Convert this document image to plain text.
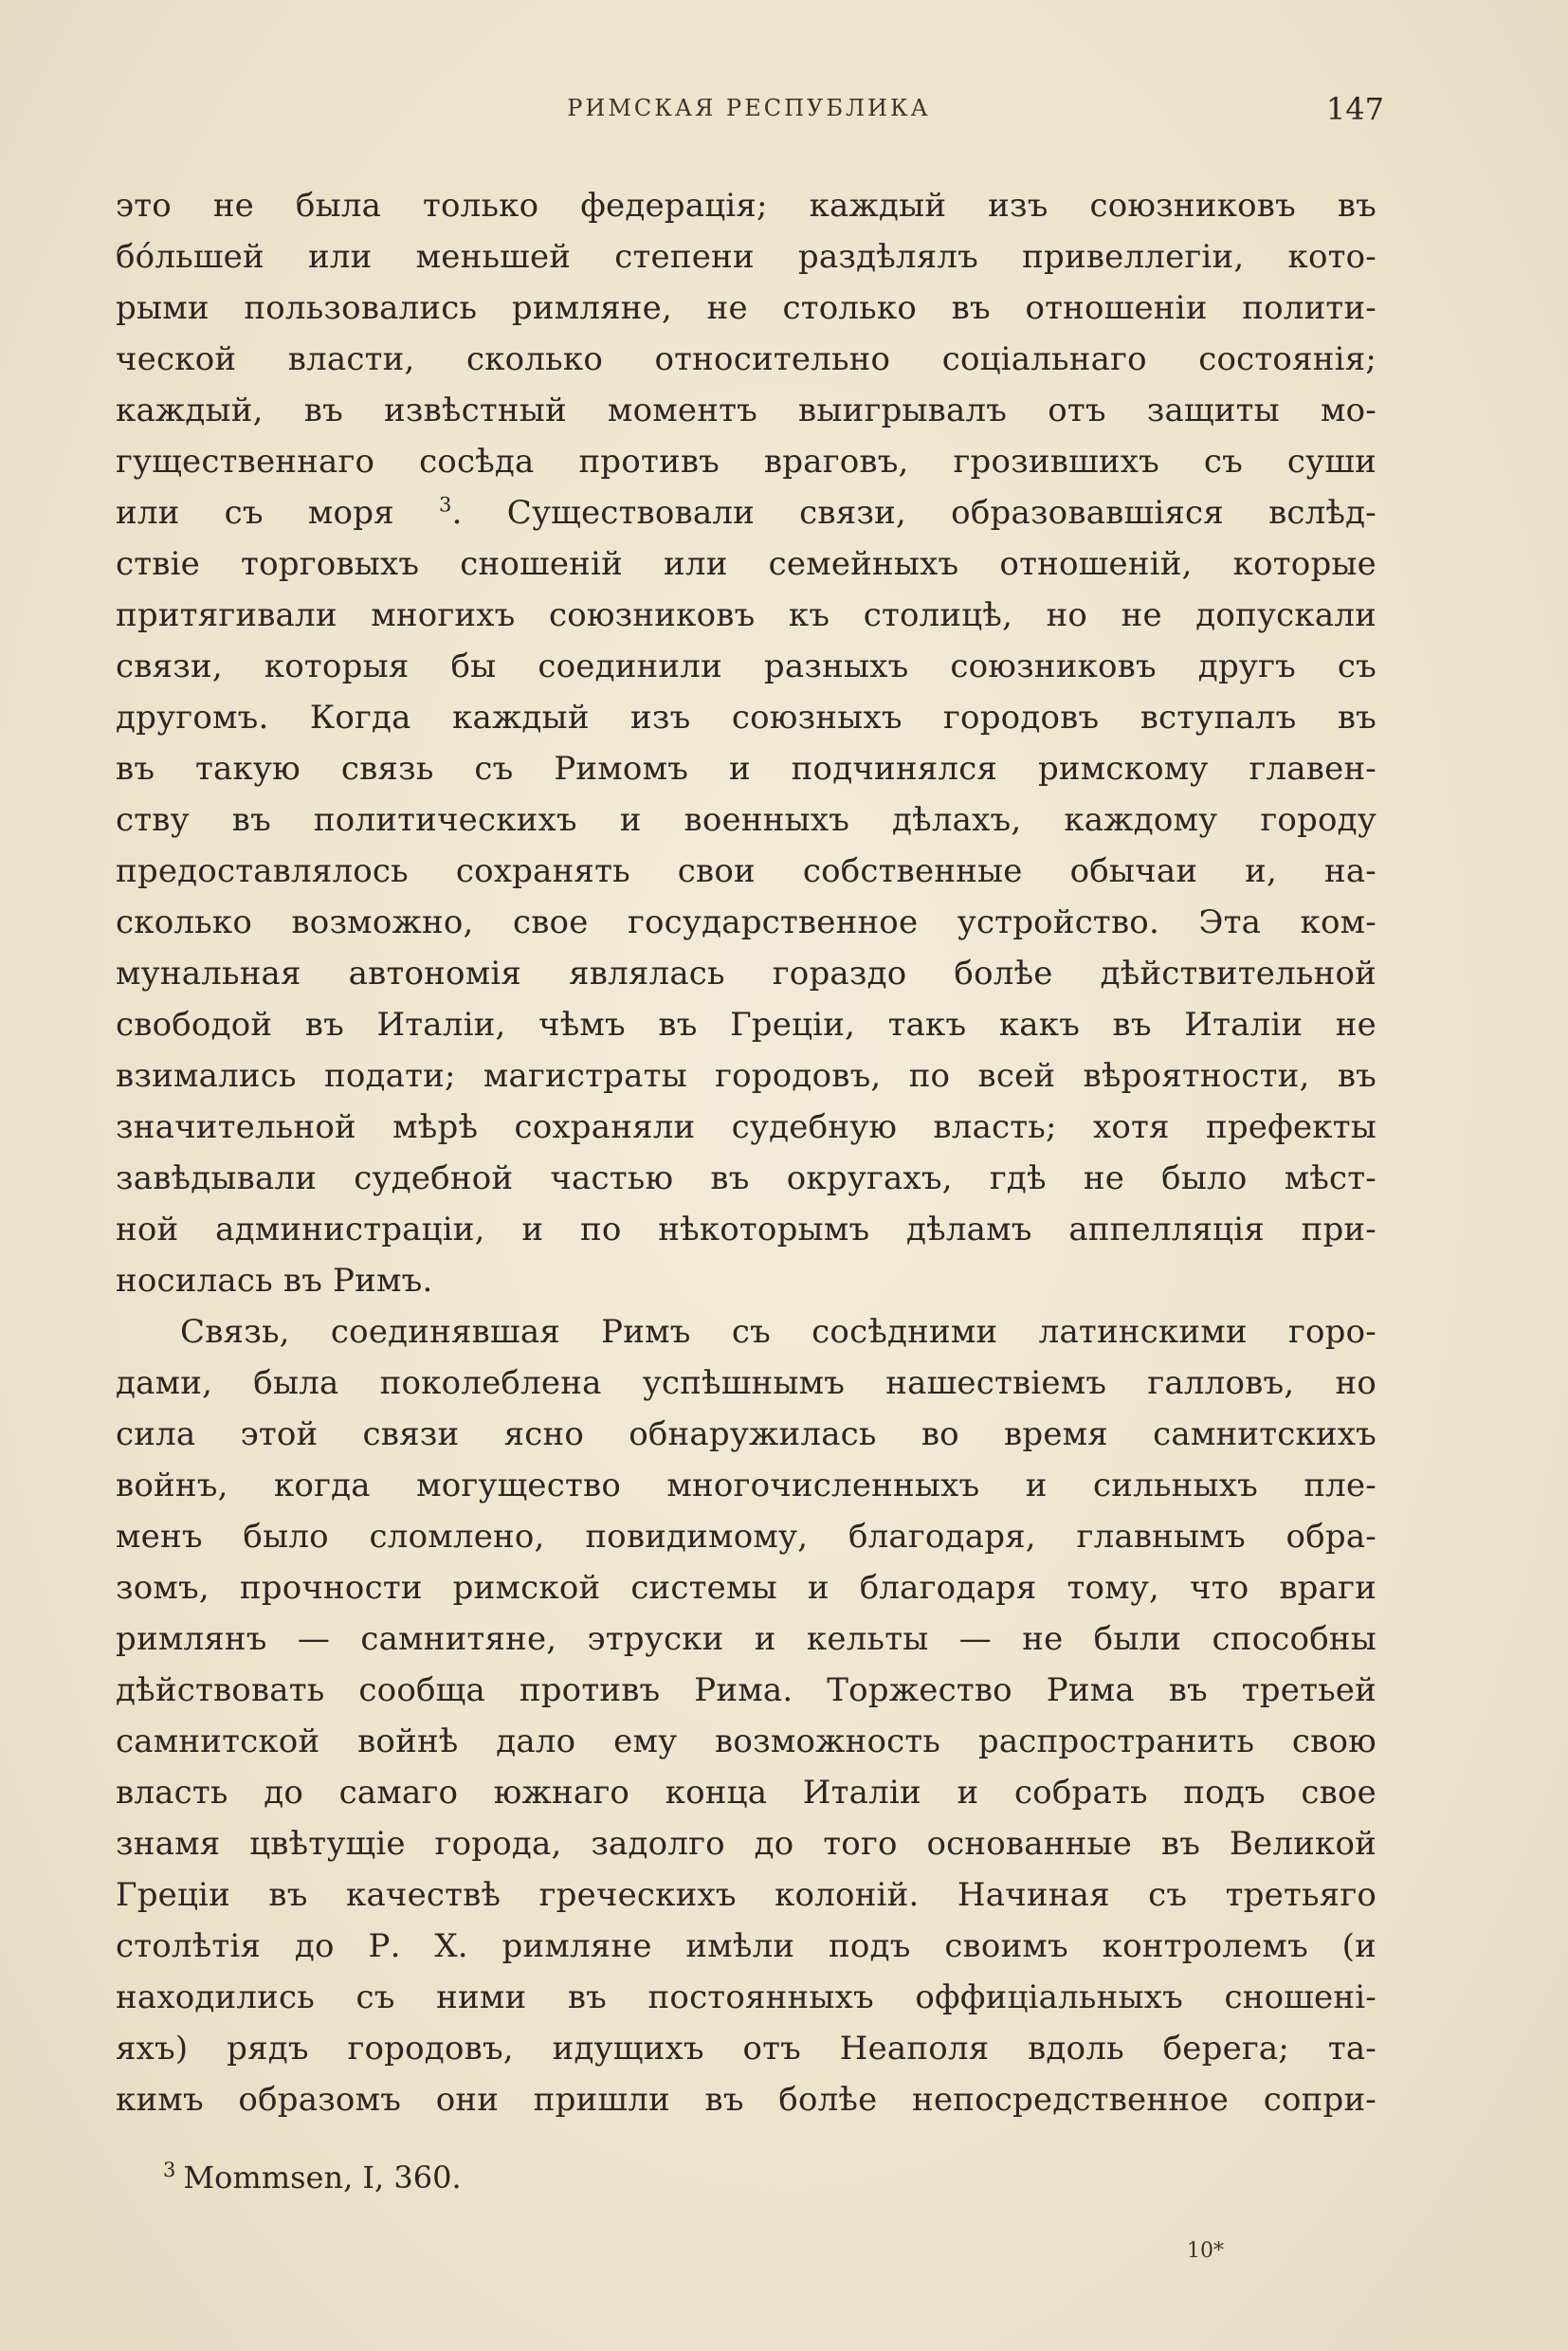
РИМСКАЯ РЕСПУБЛИКА	147
это не была только федерація; каждый изъ союзниковъ въ
бóльшей или меньшей степени раздѣлялъ привеллегіи, кото-
рыми пользовались римляне, не столько въ отношеніи полити-
ческой власти, сколько относительно соціальнаго состоянія;
каждый, въ извѣстный моментъ выигрывалъ отъ защиты мо-
гущественнаго сосѣда противъ враговъ, грозившихъ съ суши
или съ моря $^3$. Существовали связи, образовавшіяся вслѣд-
ствіе торговыхъ сношеній или семейныхъ отношеній, которые
притягивали многихъ союзниковъ къ столицѣ, но не допускали
связи, которыя бы соединили разныхъ союзниковъ другъ съ
другомъ. Когда каждый изъ союзныхъ городовъ вступалъ въ
въ такую связь съ Римомъ и подчинялся римскому главен-
ству въ политическихъ и военныхъ дѣлахъ, каждому городу
предоставлялось сохранять свои собственные обычаи и, на-
сколько возможно, свое государственное устройство. Эта ком-
мунальная автономія являлась гораздо болѣе дѣйствительной
свободой въ Италіи, чѣмъ въ Греціи, такъ какъ въ Италіи не
взимались подати; магистраты городовъ, по всей вѣроятности, въ
значительной мѣрѣ сохраняли судебную власть; хотя префекты
завѣдывали судебной частью въ округахъ, гдѣ не было мѣст-
ной администраціи, и по нѣкоторымъ дѣламъ аппелляція при-
носилась въ Римъ.
Связь, соединявшая Римъ съ сосѣдними латинскими горо-
дами, была поколеблена успѣшнымъ нашествіемъ галловъ, но
сила этой связи ясно обнаружилась во время самнитскихъ
войнъ, когда могущество многочисленныхъ и сильныхъ пле-
менъ было сломлено, повидимому, благодаря, главнымъ обра-
зомъ, прочности римской системы и благодаря тому, что враги
римлянъ — самнитяне, этруски и кельты — не были способны
дѣйствовать сообща противъ Рима. Торжество Рима въ третьей
самнитской войнѣ дало ему возможность распространить свою
власть до самаго южнаго конца Италіи и собрать подъ свое
знамя цвѣтущіе города, задолго до того основанные въ Великой
Греціи въ качествѣ греческихъ колоній. Начиная съ третьяго
столѣтія до Р. Х. римляне имѣли подъ своимъ контролемъ (и
находились съ ними въ постоянныхъ оффиціальныхъ сношені-
яхъ) рядъ городовъ, идущихъ отъ Неаполя вдоль берега; та-
кимъ образомъ они пришли въ болѣе непосредственное сопри-
$^3$ Mommsen, I, 360.
10*
